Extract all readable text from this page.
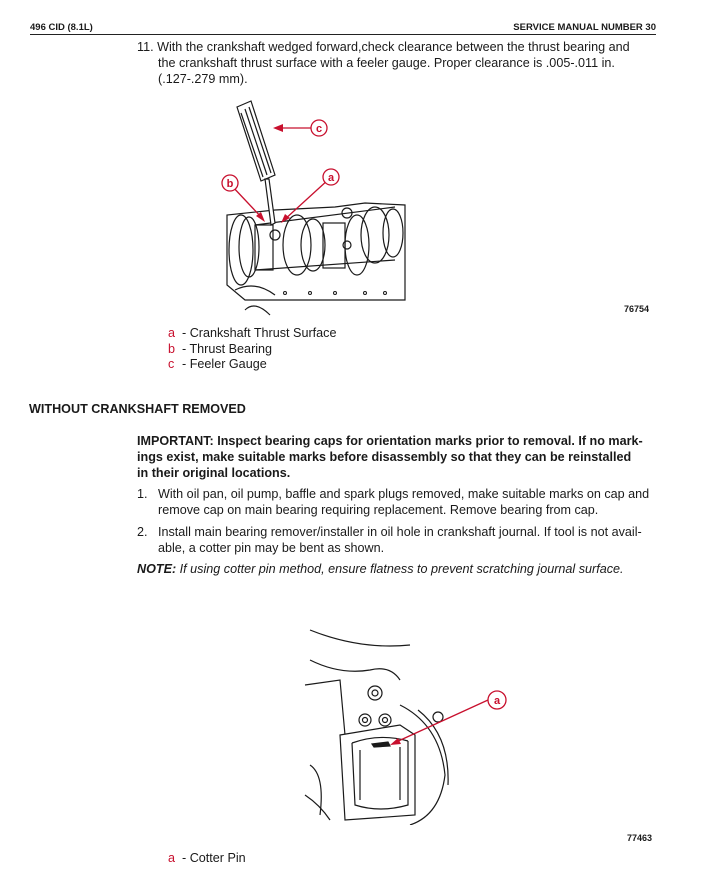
496 CID (8.1L)	SERVICE MANUAL NUMBER 30
11. With the crankshaft wedged forward,check clearance between the thrust bearing and
the crankshaft thrust surface with a feeler gauge. Proper clearance is .005-.011 in.
(.127-.279 mm).
c
b	a
76754
a - Crankshaft Thrust Surface
b - Thrust Bearing
c - Feeler Gauge
WITHOUT CRANKSHAFT REMOVED
IMPORTANT: Inspect bearing caps for orientation marks prior to removal. If no mark-
ings exist, make suitable marks before disassembly so that they can be reinstalled
in their original locations.
1. With oil pan, oil pump, baffle and spark plugs removed, make suitable marks on cap and
remove cap on main bearing requiring replacement. Remove bearing from cap.
2. Install main bearing remover/installer in oil hole in crankshaft journal. If tool is not avail-
able, a cotter pin may be bent as shown.
NOTE: If using cotter pin method, ensure flatness to prevent scratching journal surface.
a
77463
a - Cotter Pin
